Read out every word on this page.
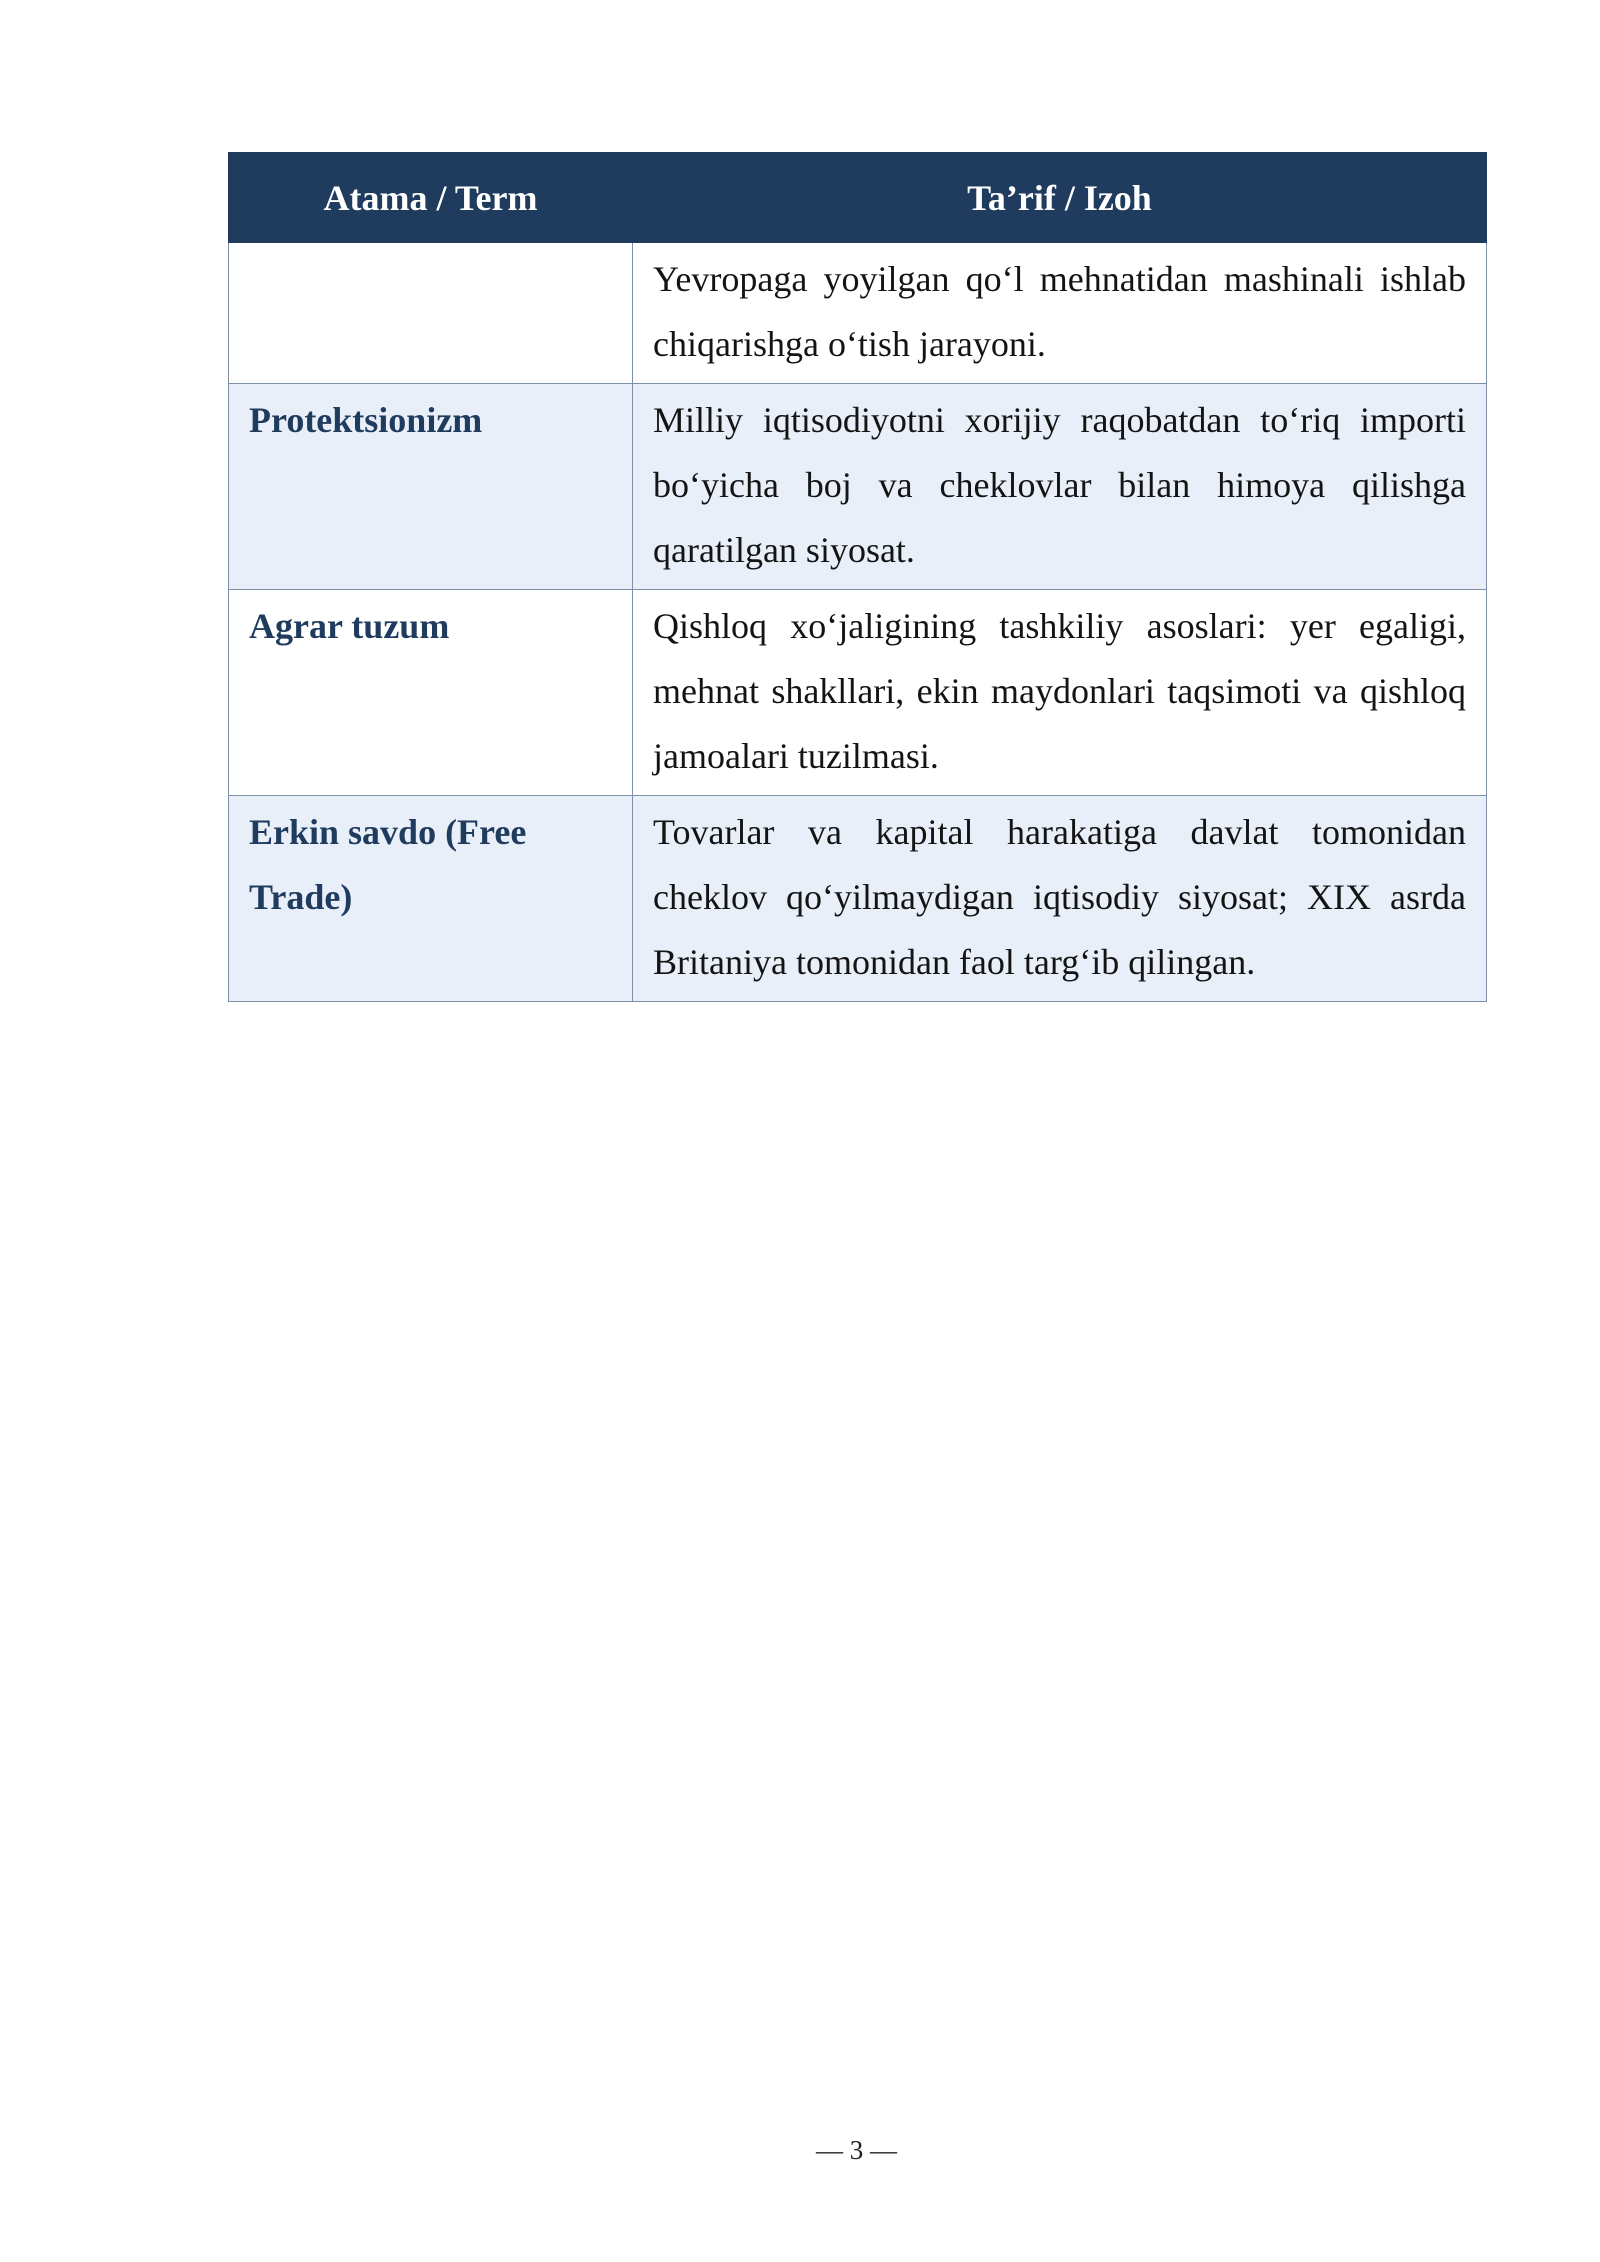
Atama / Term	Ta’rif / Izoh
	Yevropaga yoyilgan qo‘l mehnatidan mashinali ishlab chiqarishga o‘tish jarayoni.
Protektsionizm	Milliy iqtisodiyotni xorijiy raqobatdan to‘riq importi bo‘yicha boj va cheklovlar bilan himoya qilishga qaratilgan siyosat.
Agrar tuzum	Qishloq xo‘jaligining tashkiliy asoslari: yer egaligi, mehnat shakllari, ekin maydonlari taqsimoti va qishloq jamoalari tuzilmasi.
Erkin savdo (Free Trade)	Tovarlar va kapital harakatiga davlat tomonidan cheklov qo‘yilmaydigan iqtisodiy siyosat; XIX asrda Britaniya tomonidan faol targ‘ib qilingan.
— 3 —
